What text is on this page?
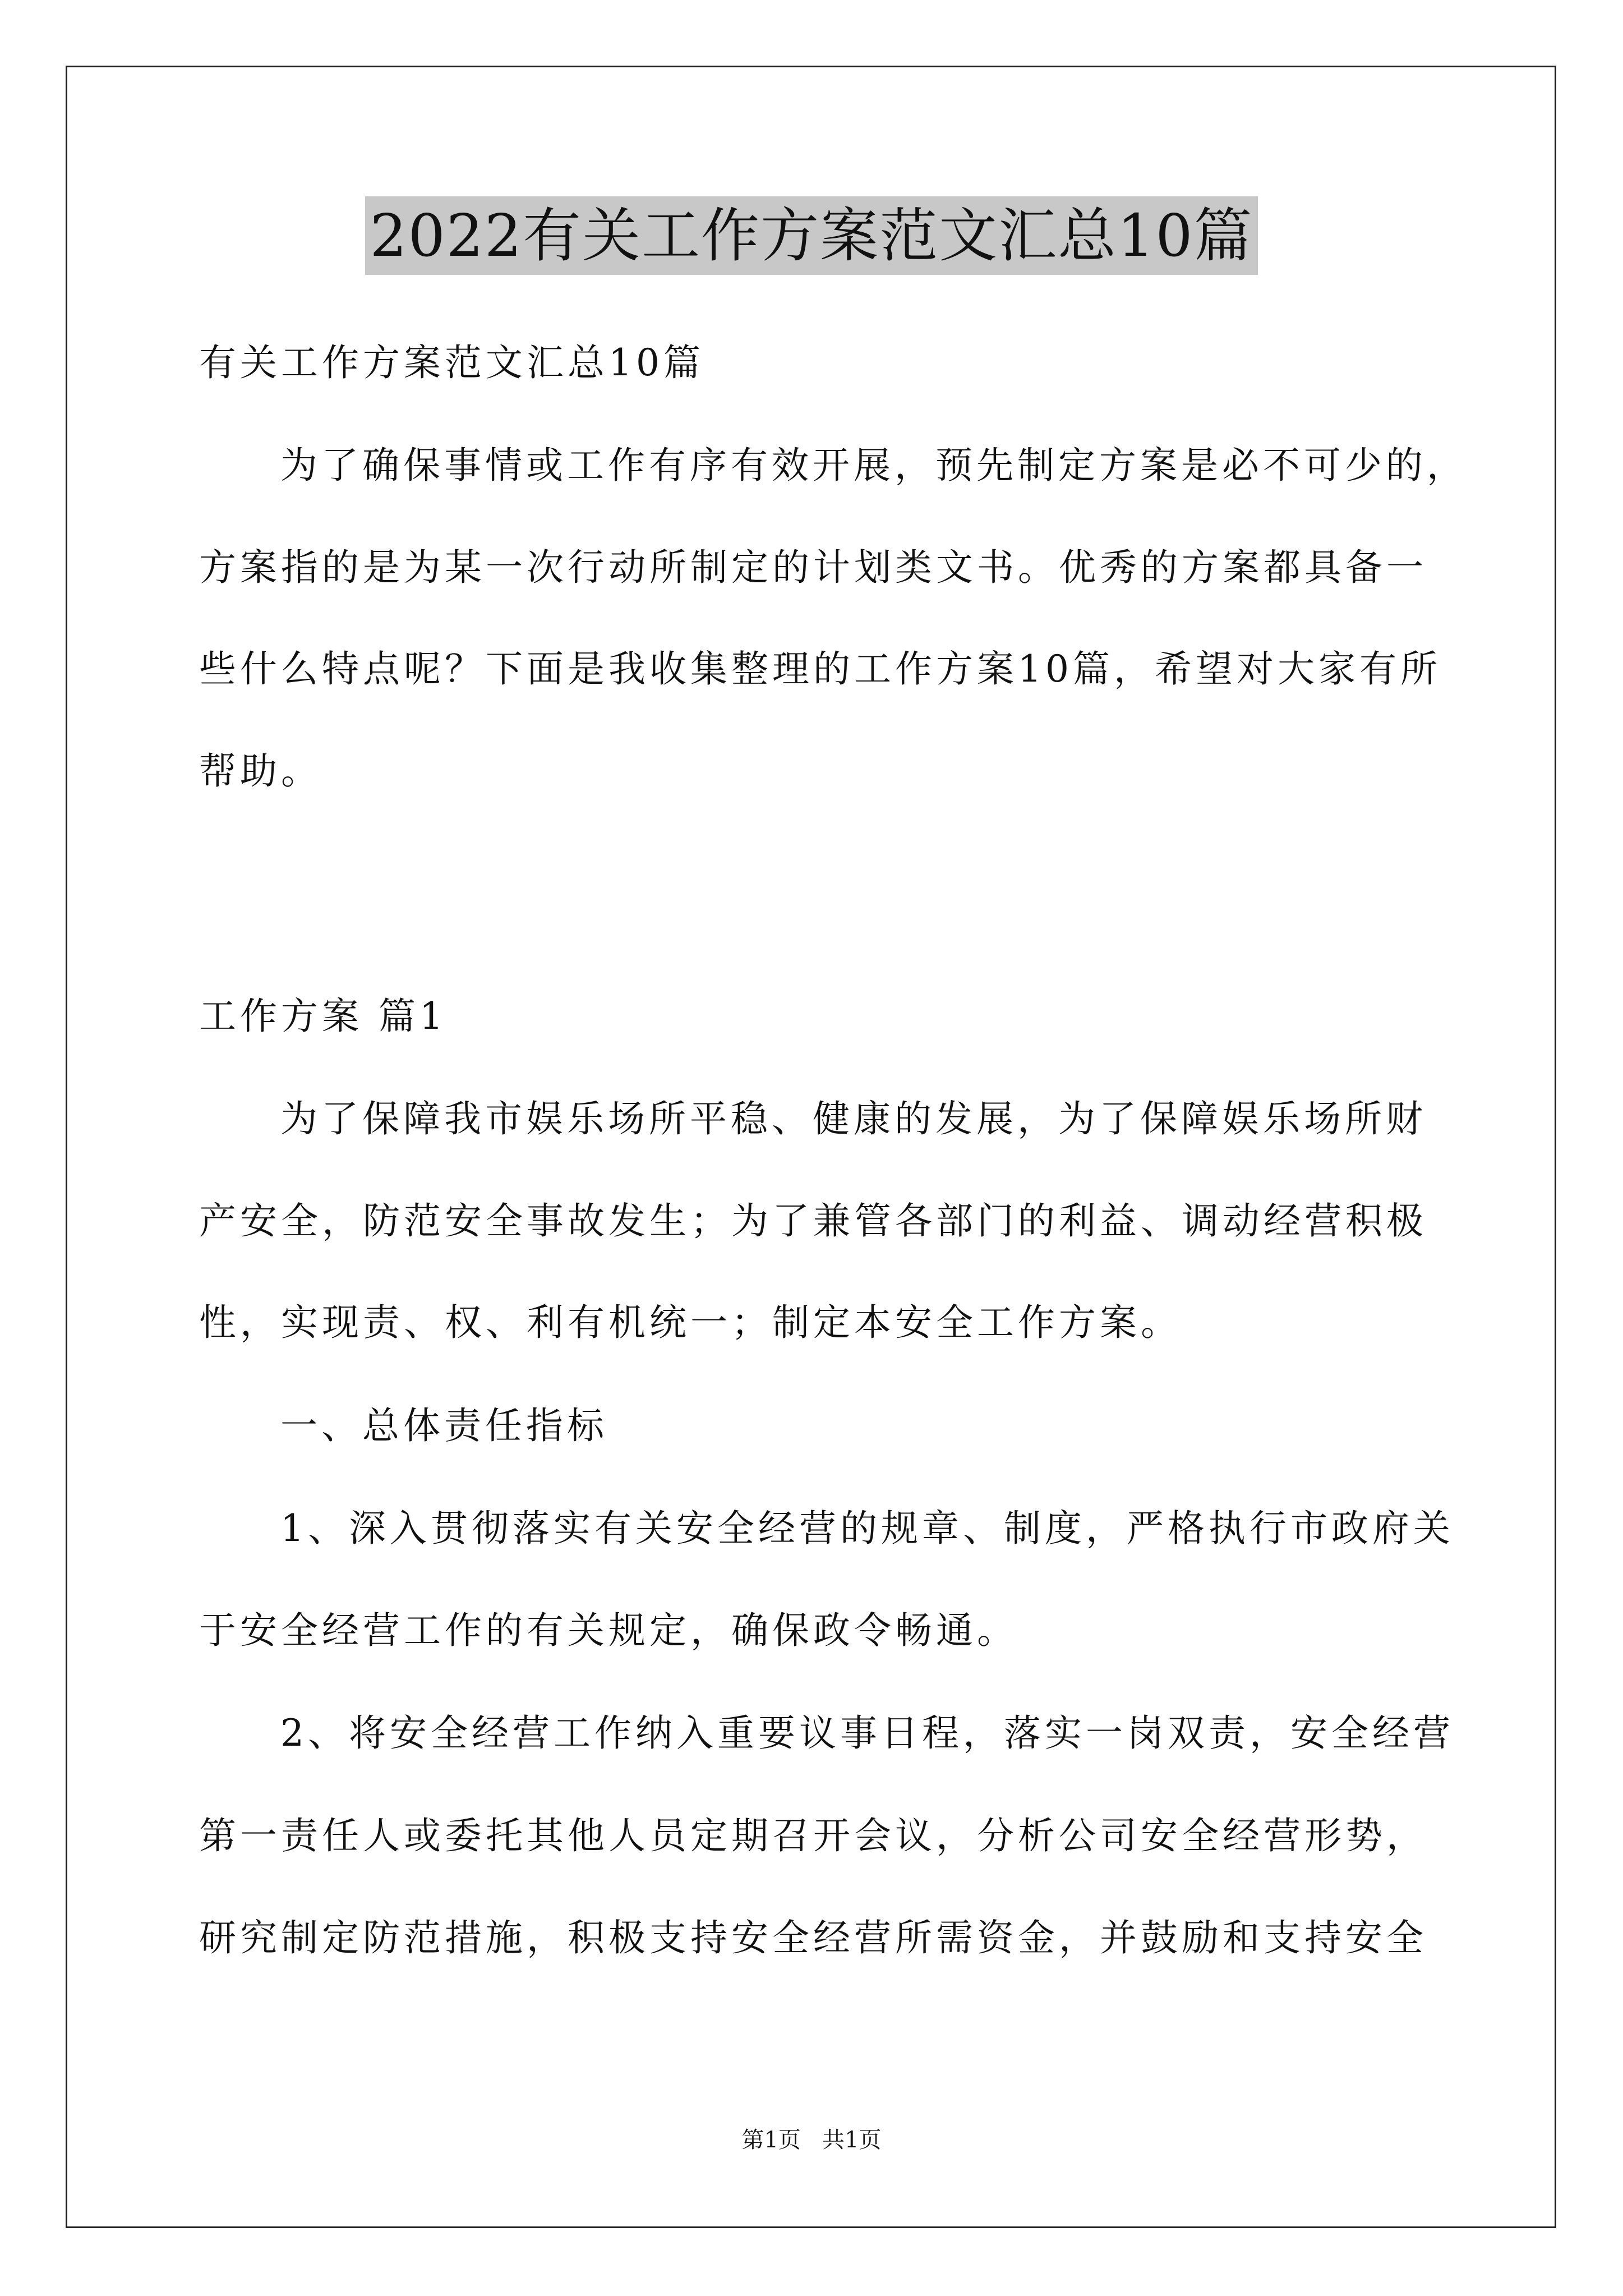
2022有关工作方案范文汇总10篇
有关工作方案范文汇总10篇
为了确保事情或工作有序有效开展，预先制定方案是必不可少的，
方案指的是为某一次行动所制定的计划类文书。优秀的方案都具备一
些什么特点呢？下面是我收集整理的工作方案10篇，希望对大家有所
帮助。
工作方案 篇1
为了保障我市娱乐场所平稳、健康的发展，为了保障娱乐场所财
产安全，防范安全事故发生；为了兼管各部门的利益、调动经营积极
性，实现责、权、利有机统一；制定本安全工作方案。
一、总体责任指标
1、深入贯彻落实有关安全经营的规章、制度，严格执行市政府关
于安全经营工作的有关规定，确保政令畅通。
2、将安全经营工作纳入重要议事日程，落实一岗双责，安全经营
第一责任人或委托其他人员定期召开会议，分析公司安全经营形势，
研究制定防范措施，积极支持安全经营所需资金，并鼓励和支持安全
第1页   共1页
